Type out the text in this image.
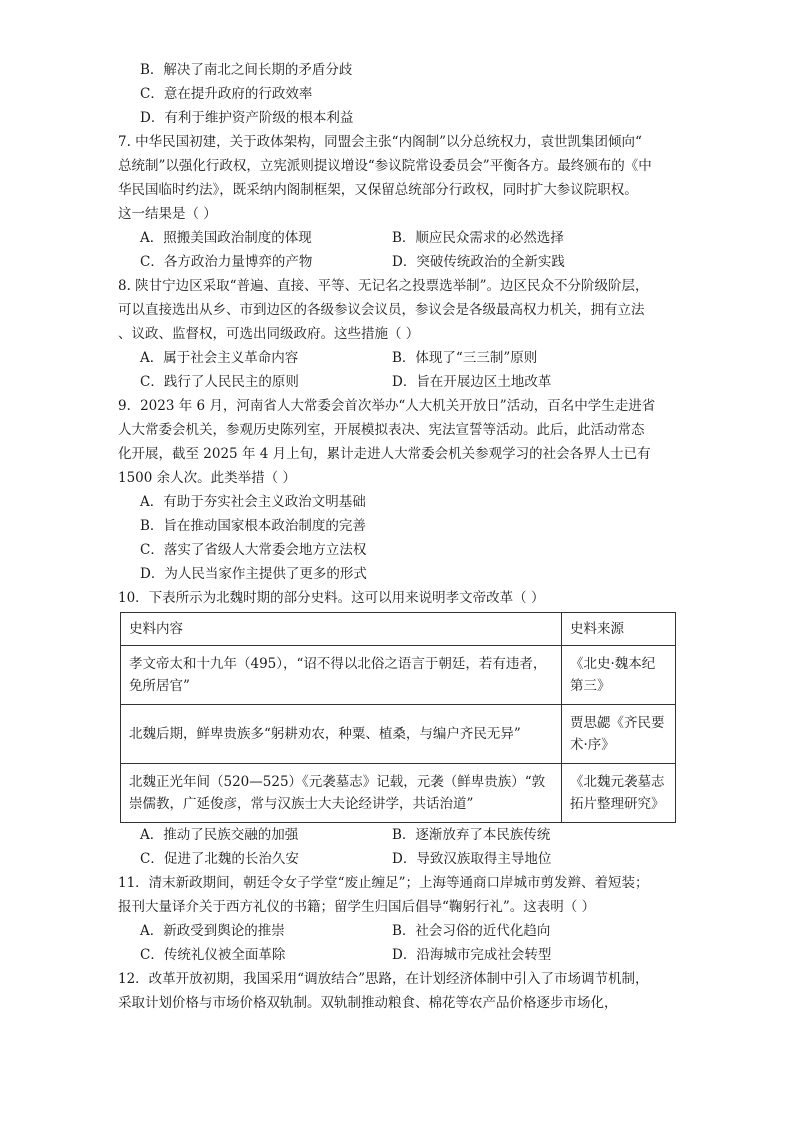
B．解决了南北之间长期的矛盾分歧
C．意在提升政府的行政效率
D．有利于维护资产阶级的根本利益
7. 中华民国初建，关于政体架构，同盟会主张“内阁制”以分总统权力，袁世凯集团倾向“
总统制”以强化行政权，立宪派则提议增设“参议院常设委员会”平衡各方。最终颁布的《中
华民国临时约法》，既采纳内阁制框架，又保留总统部分行政权，同时扩大参议院职权。
这一结果是（ ）
A．照搬美国政治制度的体现	B．顺应民众需求的必然选择
C．各方政治力量博弈的产物	D．突破传统政治的全新实践
8. 陕甘宁边区采取“普遍、直接、平等、无记名之投票选举制”。边区民众不分阶级阶层，
可以直接选出从乡、市到边区的各级参议会议员，参议会是各级最高权力机关，拥有立法
、议政、监督权，可选出同级政府。这些措施（ ）
A．属于社会主义革命内容	B．体现了“三三制”原则
C．践行了人民民主的原则	D．旨在开展边区土地改革
9．2023 年 6 月，河南省人大常委会首次举办“人大机关开放日”活动，百名中学生走进省
人大常委会机关，参观历史陈列室，开展模拟表决、宪法宣誓等活动。此后，此活动常态
化开展，截至 2025 年 4 月上旬，累计走进人大常委会机关参观学习的社会各界人士已有
1500 余人次。此类举措（ ）
A．有助于夯实社会主义政治文明基础
B．旨在推动国家根本政治制度的完善
C．落实了省级人大常委会地方立法权
D．为人民当家作主提供了更多的形式
10．下表所示为北魏时期的部分史料。这可以用来说明孝文帝改革（ ）
史料内容	史料来源
孝文帝太和十九年（495），“诏不得以北俗之语言于朝廷，若有违者，免所居官”	《北史·魏本纪第三》
北魏后期，鲜卑贵族多“躬耕劝农，种粟、植桑，与编户齐民无异”	贾思勰《齐民要术·序》
北魏正光年间（520—525）《元袭墓志》记载，元袭（鲜卑贵族）“敦崇儒教，广延俊彦，常与汉族士大夫论经讲学，共话治道”	《北魏元袭墓志拓片整理研究》
A．推动了民族交融的加强	B．逐渐放弃了本民族传统
C．促进了北魏的长治久安	D．导致汉族取得主导地位
11．清末新政期间，朝廷令女子学堂“废止缠足”；上海等通商口岸城市剪发辫、着短装；
报刊大量译介关于西方礼仪的书籍；留学生归国后倡导“鞠躬行礼”。这表明（ ）
A．新政受到舆论的推崇	B．社会习俗的近代化趋向
C．传统礼仪被全面革除	D．沿海城市完成社会转型
12．改革开放初期，我国采用“调放结合”思路，在计划经济体制中引入了市场调节机制，
采取计划价格与市场价格双轨制。双轨制推动粮食、棉花等农产品价格逐步市场化，
